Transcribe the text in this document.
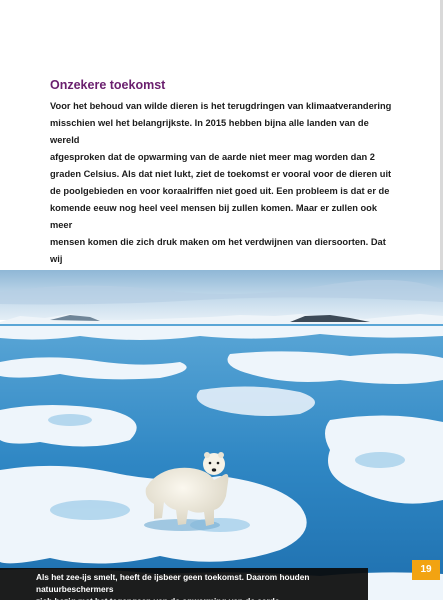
Onzekere toekomst

Voor het behoud van wilde dieren is het terugdringen van klimaatverandering
misschien wel het belangrijkste. In 2015 hebben bijna alle landen van de wereld
afgesproken dat de opwarming van de aarde niet meer mag worden dan 2
graden Celsius. Als dat niet lukt, ziet de toekomst er vooral voor de dieren uit
de poolgebieden en voor koraalriffen niet goed uit. Een probleem is dat er de
komende eeuw nog heel veel mensen bij zullen komen. Maar er zullen ook meer
mensen komen die zich druk maken om het verdwijnen van diersoorten. Dat wij

Als het zee-ijs smelt, heeft de ijsbeer geen toekomst. Daarom houden natuurbeschermers
zich bezig met het tegengaan van de opwarming van de aarde.

19
